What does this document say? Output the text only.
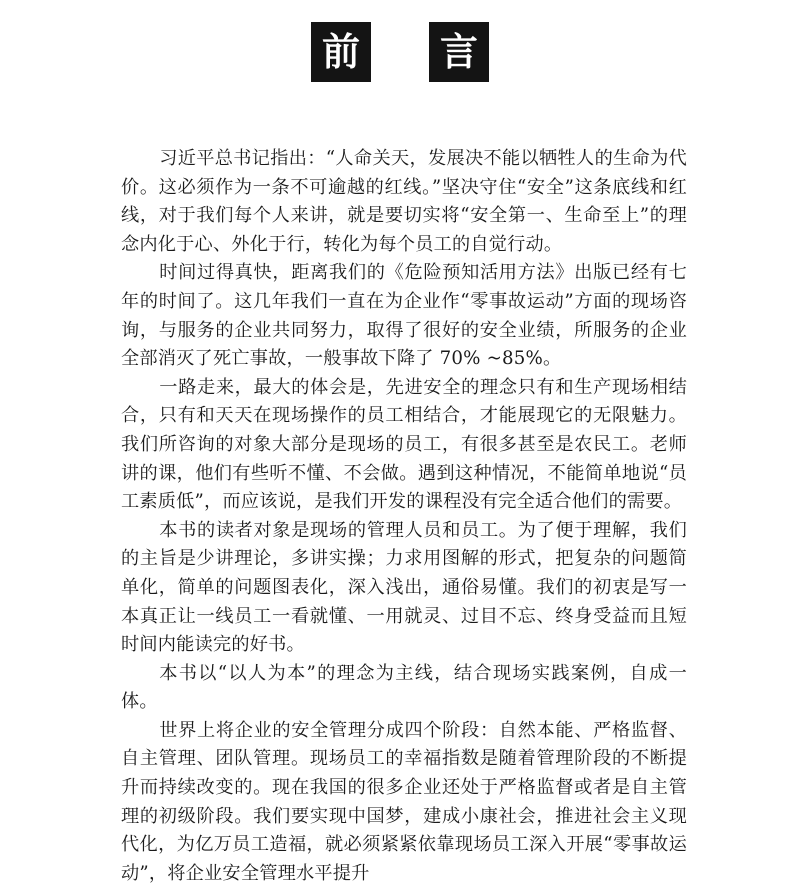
前 言

习近平总书记指出：“人命关天，发展决不能以牺牲人的生命为代价。这必须作为一条不可逾越的红线。”坚决守住“安全”这条底线和红线，对于我们每个人来讲，就是要切实将“安全第一、生命至上”的理念内化于心、外化于行，转化为每个员工的自觉行动。

时间过得真快，距离我们的《危险预知活用方法》出版已经有七年的时间了。这几年我们一直在为企业作“零事故运动”方面的现场咨询，与服务的企业共同努力，取得了很好的安全业绩，所服务的企业全部消灭了死亡事故，一般事故下降了 70% ~85%。

一路走来，最大的体会是，先进安全的理念只有和生产现场相结合，只有和天天在现场操作的员工相结合，才能展现它的无限魅力。我们所咨询的对象大部分是现场的员工，有很多甚至是农民工。老师讲的课，他们有些听不懂、不会做。遇到这种情况，不能简单地说“员工素质低”，而应该说，是我们开发的课程没有完全适合他们的需要。

本书的读者对象是现场的管理人员和员工。为了便于理解，我们的主旨是少讲理论，多讲实操；力求用图解的形式，把复杂的问题简单化，简单的问题图表化，深入浅出，通俗易懂。我们的初衷是写一本真正让一线员工一看就懂、一用就灵、过目不忘、终身受益而且短时间内能读完的好书。

本书以“以人为本”的理念为主线，结合现场实践案例，自成一体。

世界上将企业的安全管理分成四个阶段：自然本能、严格监督、自主管理、团队管理。现场员工的幸福指数是随着管理阶段的不断提升而持续改变的。现在我国的很多企业还处于严格监督或者是自主管理的初级阶段。我们要实现中国梦，建成小康社会，推进社会主义现代化，为亿万员工造福，就必须紧紧依靠现场员工深入开展“零事故运动”，将企业安全管理水平提升
